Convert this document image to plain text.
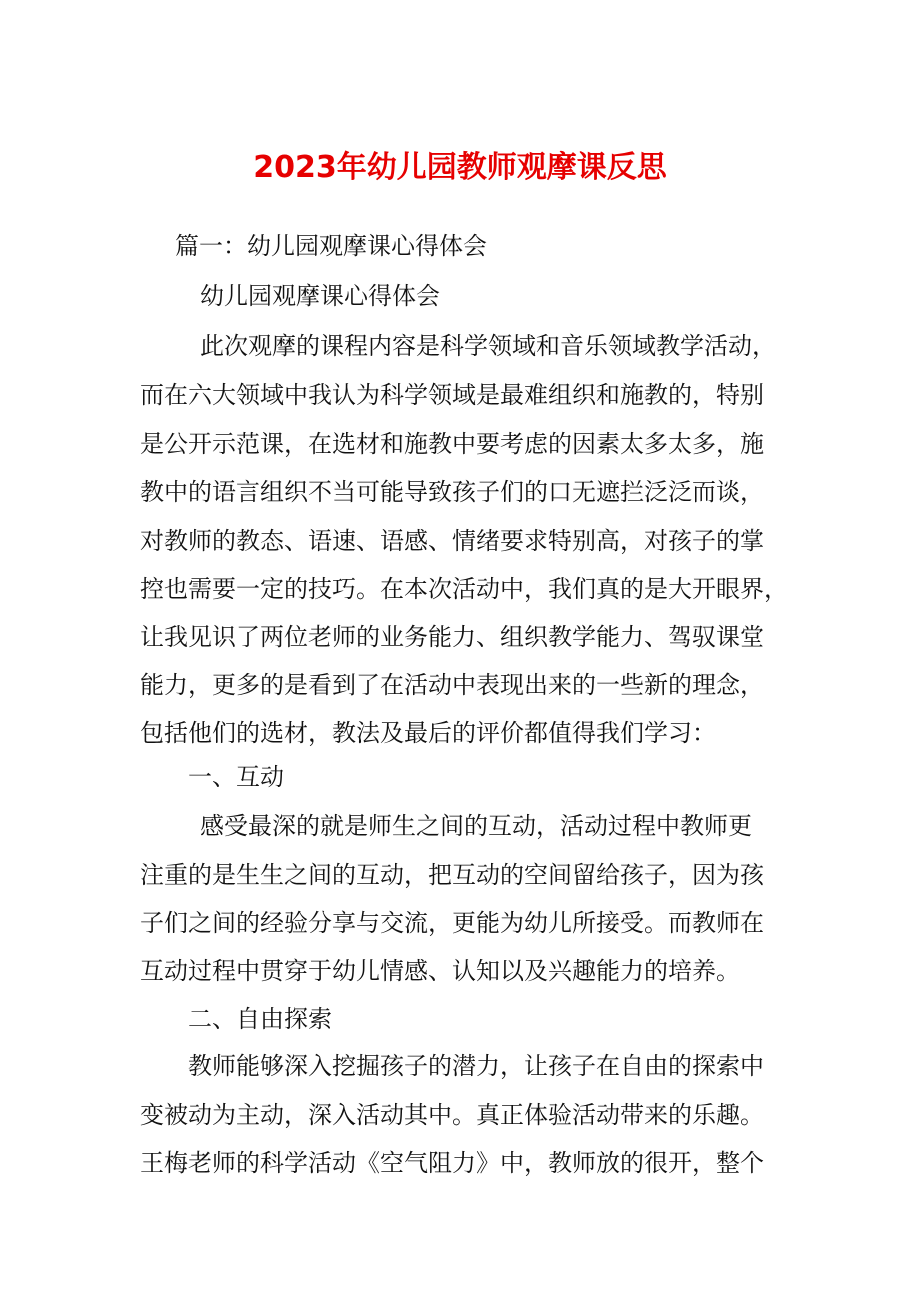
2023年幼儿园教师观摩课反思
篇一：幼儿园观摩课心得体会
幼儿园观摩课心得体会
此次观摩的课程内容是科学领域和音乐领域教学活动，
而在六大领域中我认为科学领域是最难组织和施教的，特别
是公开示范课，在选材和施教中要考虑的因素太多太多，施
教中的语言组织不当可能导致孩子们的口无遮拦泛泛而谈，
对教师的教态、语速、语感、情绪要求特别高，对孩子的掌
控也需要一定的技巧。在本次活动中，我们真的是大开眼界，
让我见识了两位老师的业务能力、组织教学能力、驾驭课堂
能力，更多的是看到了在活动中表现出来的一些新的理念，
包括他们的选材，教法及最后的评价都值得我们学习：
一、互动
感受最深的就是师生之间的互动，活动过程中教师更
注重的是生生之间的互动，把互动的空间留给孩子，因为孩
子们之间的经验分享与交流，更能为幼儿所接受。而教师在
互动过程中贯穿于幼儿情感、认知以及兴趣能力的培养。
二、自由探索
教师能够深入挖掘孩子的潜力，让孩子在自由的探索中
变被动为主动，深入活动其中。真正体验活动带来的乐趣。
王梅老师的科学活动《空气阻力》中，教师放的很开，整个
